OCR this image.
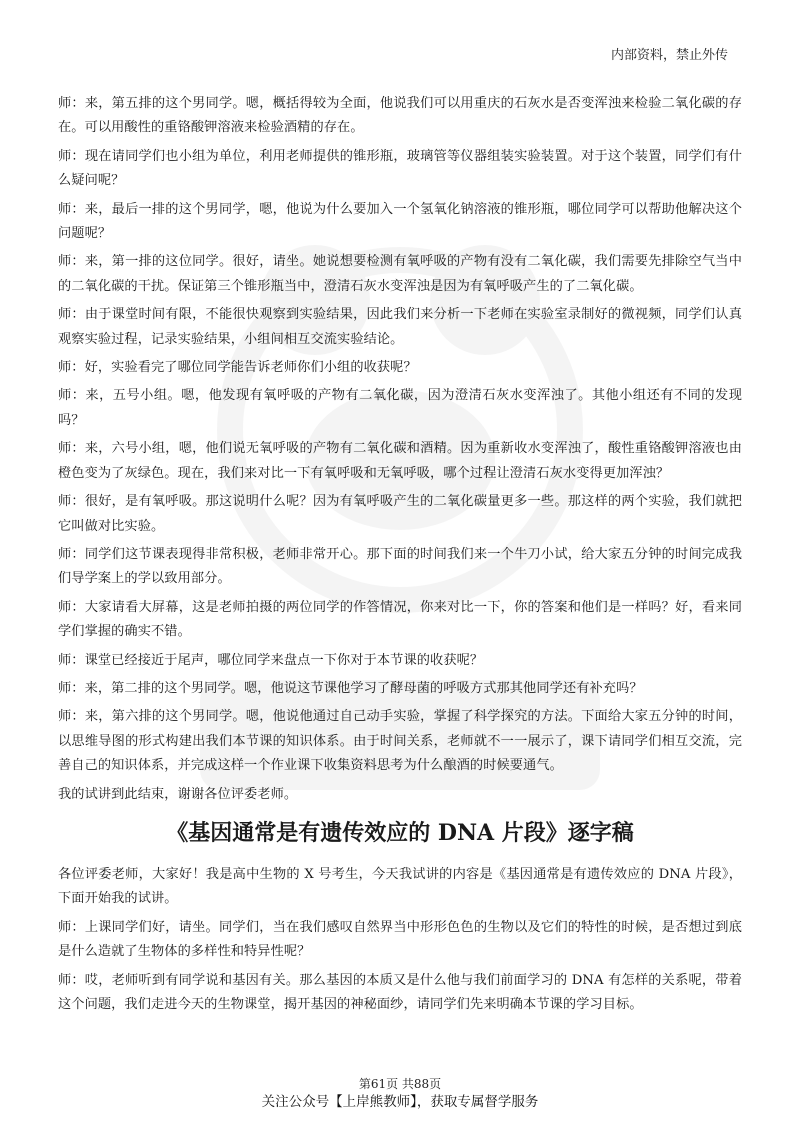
内部资料，禁止外传

师：来，第五排的这个男同学。嗯，概括得较为全面，他说我们可以用重庆的石灰水是否变浑浊来检验二氧化碳的存在。可以用酸性的重铬酸钾溶液来检验酒精的存在。

师：现在请同学们也小组为单位，利用老师提供的锥形瓶，玻璃管等仪器组装实验装置。对于这个装置，同学们有什么疑问呢？

师：来，最后一排的这个男同学，嗯，他说为什么要加入一个氢氧化钠溶液的锥形瓶，哪位同学可以帮助他解决这个问题呢？

师：来，第一排的这位同学。很好，请坐。她说想要检测有氧呼吸的产物有没有二氧化碳，我们需要先排除空气当中的二氧化碳的干扰。保证第三个锥形瓶当中，澄清石灰水变浑浊是因为有氧呼吸产生的了二氧化碳。

师：由于课堂时间有限，不能很快观察到实验结果，因此我们来分析一下老师在实验室录制好的微视频，同学们认真观察实验过程，记录实验结果，小组间相互交流实验结论。

师：好，实验看完了哪位同学能告诉老师你们小组的收获呢？

师：来，五号小组。嗯，他发现有氧呼吸的产物有二氧化碳，因为澄清石灰水变浑浊了。其他小组还有不同的发现吗？

师：来，六号小组，嗯，他们说无氧呼吸的产物有二氧化碳和酒精。因为重新收水变浑浊了，酸性重铬酸钾溶液也由橙色变为了灰绿色。现在，我们来对比一下有氧呼吸和无氧呼吸，哪个过程让澄清石灰水变得更加浑浊？

师：很好，是有氧呼吸。那这说明什么呢？因为有氧呼吸产生的二氧化碳量更多一些。那这样的两个实验，我们就把它叫做对比实验。

师：同学们这节课表现得非常积极，老师非常开心。那下面的时间我们来一个牛刀小试，给大家五分钟的时间完成我们导学案上的学以致用部分。

师：大家请看大屏幕，这是老师拍摄的两位同学的作答情况，你来对比一下，你的答案和他们是一样吗？好，看来同学们掌握的确实不错。

师：课堂已经接近于尾声，哪位同学来盘点一下你对于本节课的收获呢？

师：来，第二排的这个男同学。嗯，他说这节课他学习了酵母菌的呼吸方式那其他同学还有补充吗？

师：来，第六排的这个男同学。嗯，他说他通过自己动手实验，掌握了科学探究的方法。下面给大家五分钟的时间，以思维导图的形式构建出我们本节课的知识体系。由于时间关系，老师就不一一展示了，课下请同学们相互交流，完善自己的知识体系，并完成这样一个作业课下收集资料思考为什么酿酒的时候要通气。

我的试讲到此结束，谢谢各位评委老师。

《基因通常是有遗传效应的 DNA 片段》逐字稿

各位评委老师，大家好！我是高中生物的 X 号考生，今天我试讲的内容是《基因通常是有遗传效应的 DNA 片段》，下面开始我的试讲。

师：上课同学们好，请坐。同学们，当在我们感叹自然界当中形形色色的生物以及它们的特性的时候，是否想过到底是什么造就了生物体的多样性和特异性呢？

师：哎，老师听到有同学说和基因有关。那么基因的本质又是什么他与我们前面学习的 DNA 有怎样的关系呢，带着这个问题，我们走进今天的生物课堂，揭开基因的神秘面纱，请同学们先来明确本节课的学习目标。

第61页 共88页
关注公众号【上岸熊教师】，获取专属督学服务
